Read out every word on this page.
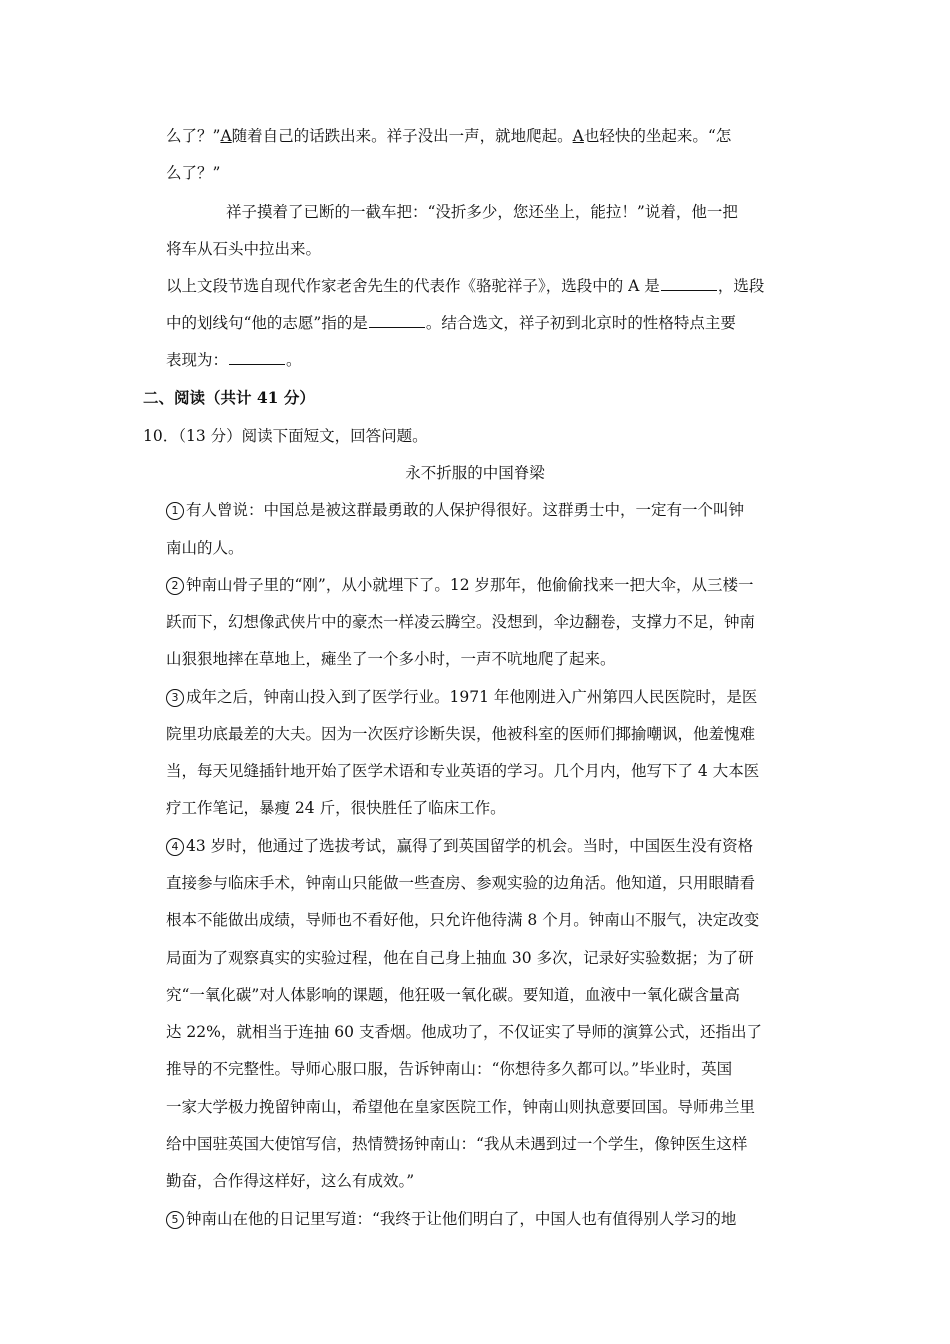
么了？”A随着自己的话跌出来。祥子没出一声，就地爬起。A也轻快的坐起来。“怎
么了？”
祥子摸着了已断的一截车把：“没折多少，您还坐上，能拉！”说着，他一把
将车从石头中拉出来。
以上文段节选自现代作家老舍先生的代表作《骆驼祥子》，选段中的 A 是	，选段
中的划线句“他的志愿”指的是	。结合选文，祥子初到北京时的性格特点主要
表现为：	。
二、阅读（共计 41 分）
10．（13 分）阅读下面短文，回答问题。
永不折服的中国脊梁
1 有人曾说：中国总是被这群最勇敢的人保护得很好。这群勇士中，一定有一个叫钟
南山的人。
2 钟南山骨子里的“刚”，从小就埋下了。12 岁那年，他偷偷找来一把大伞，从三楼一
跃而下，幻想像武侠片中的豪杰一样凌云腾空。没想到，伞边翻卷，支撑力不足，钟南
山狠狠地摔在草地上，瘫坐了一个多小时，一声不吭地爬了起来。
3 成年之后，钟南山投入到了医学行业。1971 年他刚进入广州第四人民医院时，是医
院里功底最差的大夫。因为一次医疗诊断失误，他被科室的医师们揶揄嘲讽，他羞愧难
当，每天见缝插针地开始了医学术语和专业英语的学习。几个月内，他写下了 4 大本医
疗工作笔记，暴瘦 24 斤，很快胜任了临床工作。
4 43 岁时，他通过了选拔考试，赢得了到英国留学的机会。当时，中国医生没有资格
直接参与临床手术，钟南山只能做一些查房、参观实验的边角活。他知道，只用眼睛看
根本不能做出成绩，导师也不看好他，只允许他待满 8 个月。钟南山不服气，决定改变
局面为了观察真实的实验过程，他在自己身上抽血 30 多次，记录好实验数据；为了研
究“一氧化碳”对人体影响的课题，他狂吸一氧化碳。要知道，血液中一氧化碳含量高
达 22%，就相当于连抽 60 支香烟。他成功了，不仅证实了导师的演算公式，还指出了
推导的不完整性。导师心服口服，告诉钟南山：“你想待多久都可以。”毕业时，英国
一家大学极力挽留钟南山，希望他在皇家医院工作，钟南山则执意要回国。导师弗兰里
给中国驻英国大使馆写信，热情赞扬钟南山：“我从未遇到过一个学生，像钟医生这样
勤奋，合作得这样好，这么有成效。”
5 钟南山在他的日记里写道：“我终于让他们明白了，中国人也有值得别人学习的地
